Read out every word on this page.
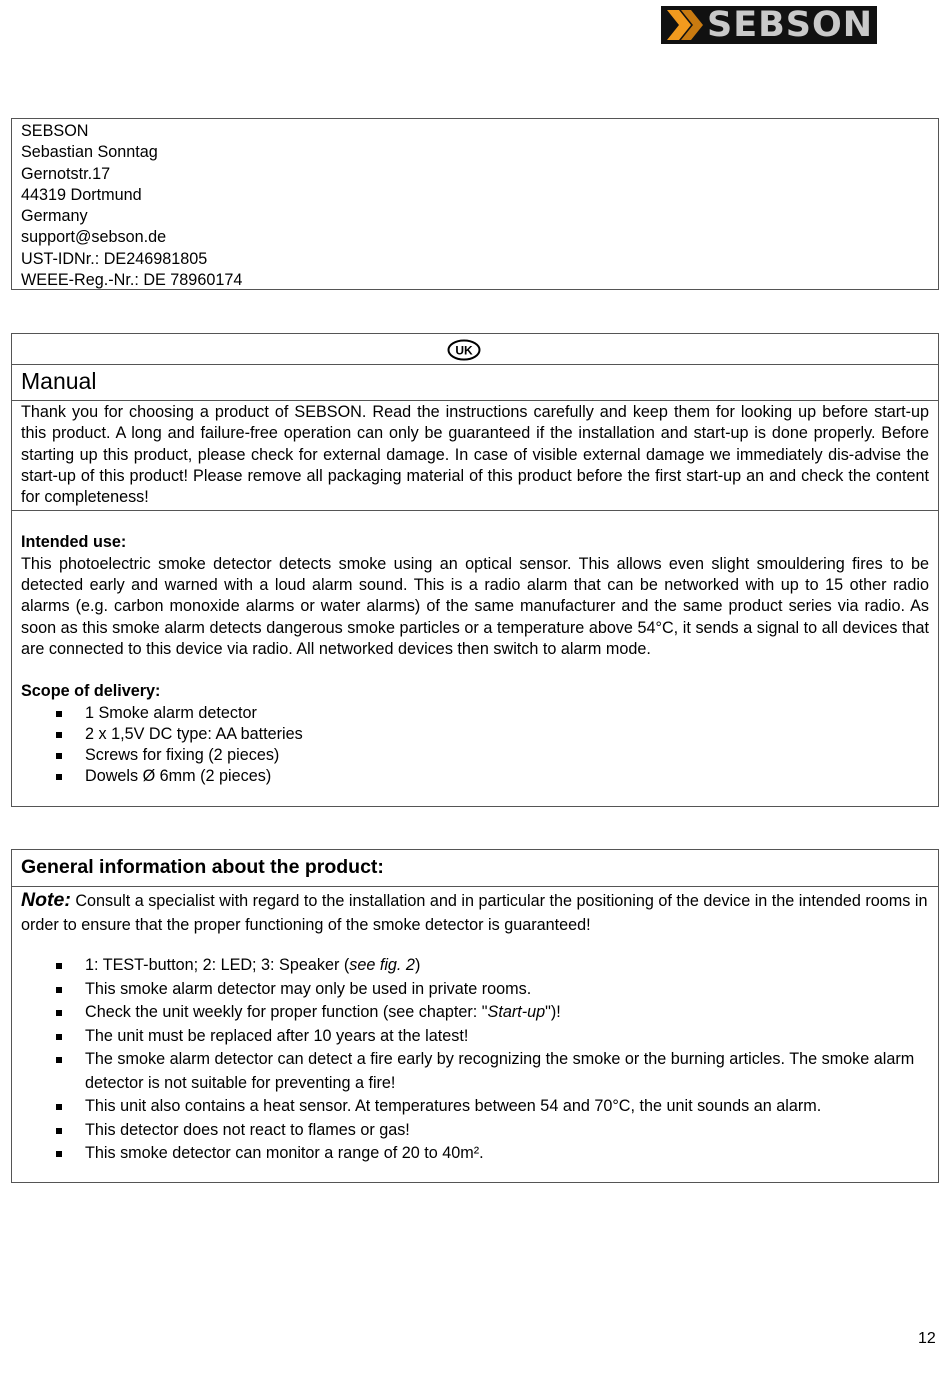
SEBSON
SEBSON
Sebastian Sonntag
Gernotstr.17
44319 Dortmund
Germany
support@sebson.de
UST-IDNr.: DE246981805
WEEE-Reg.-Nr.: DE 78960174
UK
Manual
Thank you for choosing a product of SEBSON. Read the instructions carefully and keep them for looking up before start-up this product. A long and failure-free operation can only be guaranteed if the installation and start-up is done properly. Before starting up this product, please check for external damage. In case of visible external damage we immediately dis-advise the start-up of this product! Please remove all packaging material of this product before the first start-up an and check the content for completeness!
Intended use:
This photoelectric smoke detector detects smoke using an optical sensor. This allows even slight smouldering fires to be detected early and warned with a loud alarm sound. This is a radio alarm that can be networked with up to 15 other radio alarms (e.g. carbon monoxide alarms or water alarms) of the same manufacturer and the same product series via radio. As soon as this smoke alarm detects dangerous smoke particles or a temperature above 54°C, it sends a signal to all devices that are connected to this device via radio. All networked devices then switch to alarm mode.
Scope of delivery:
1 Smoke alarm detector
2 x 1,5V DC type: AA batteries
Screws for fixing (2 pieces)
Dowels Ø 6mm (2 pieces)
General information about the product:
Note: Consult a specialist with regard to the installation and in particular the positioning of the device in the intended rooms in order to ensure that the proper functioning of the smoke detector is guaranteed!
1: TEST-button; 2: LED; 3: Speaker (see fig. 2)
This smoke alarm detector may only be used in private rooms.
Check the unit weekly for proper function (see chapter: "Start-up")!
The unit must be replaced after 10 years at the latest!
The smoke alarm detector can detect a fire early by recognizing the smoke or the burning articles. The smoke alarm detector is not suitable for preventing a fire!
This unit also contains a heat sensor. At temperatures between 54 and 70°C, the unit sounds an alarm.
This detector does not react to flames or gas!
This smoke detector can monitor a range of 20 to 40m².
12
